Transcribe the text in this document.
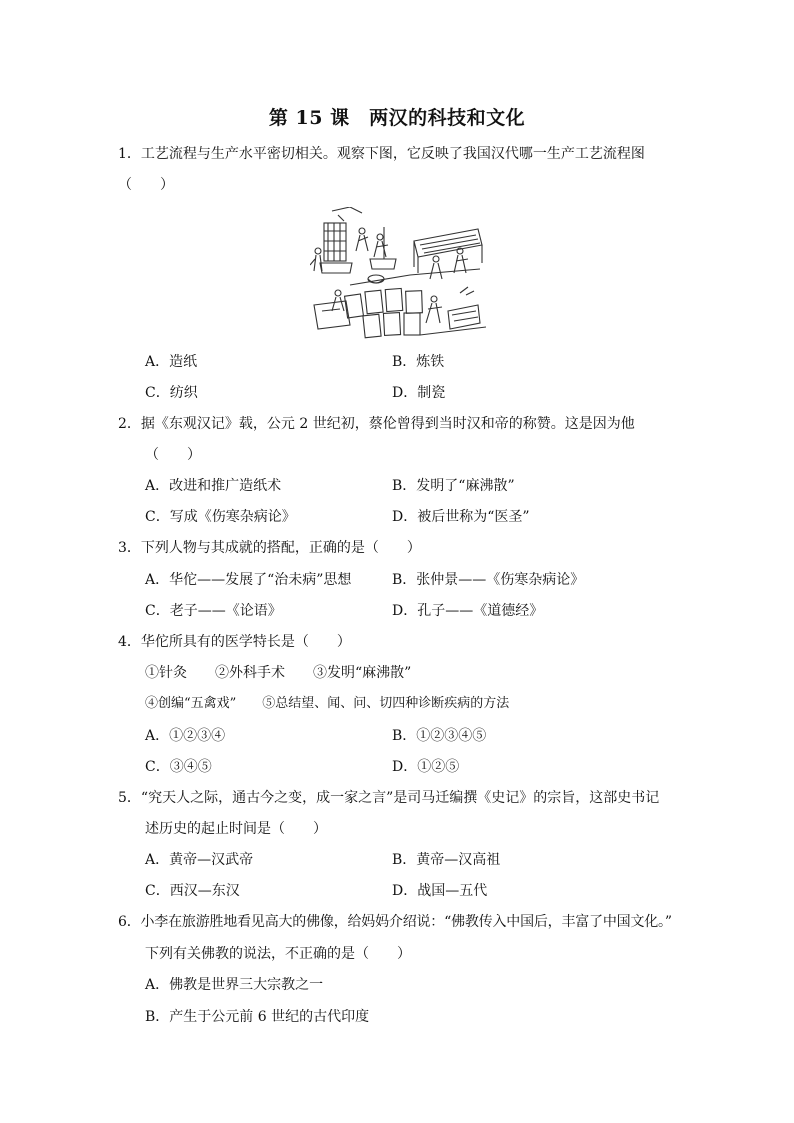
第 15 课　两汉的科技和文化
1．工艺流程与生产水平密切相关。观察下图，它反映了我国汉代哪一生产工艺流程图
（　　）
A．造纸	B．炼铁
C．纺织	D．制瓷
2．据《东观汉记》载，公元 2 世纪初，蔡伦曾得到当时汉和帝的称赞。这是因为他
（　　）
A．改进和推广造纸术	B．发明了“麻沸散”
C．写成《伤寒杂病论》	D．被后世称为“医圣”
3．下列人物与其成就的搭配，正确的是（　　）
A．华佗——发展了“治未病”思想	B．张仲景——《伤寒杂病论》
C．老子——《论语》	D．孔子——《道德经》
4．华佗所具有的医学特长是（　　）
①针灸　　②外科手术　　③发明“麻沸散”
④创编“五禽戏”　　⑤总结望、闻、问、切四种诊断疾病的方法
A．①②③④	B．①②③④⑤
C．③④⑤	D．①②⑤
5．“究天人之际，通古今之变，成一家之言”是司马迁编撰《史记》的宗旨，这部史书记
述历史的起止时间是（　　）
A．黄帝—汉武帝	B．黄帝—汉高祖
C．西汉—东汉	D．战国—五代
6．小李在旅游胜地看见高大的佛像，给妈妈介绍说：“佛教传入中国后，丰富了中国文化。”
下列有关佛教的说法，不正确的是（　　）
A．佛教是世界三大宗教之一
B．产生于公元前 6 世纪的古代印度
